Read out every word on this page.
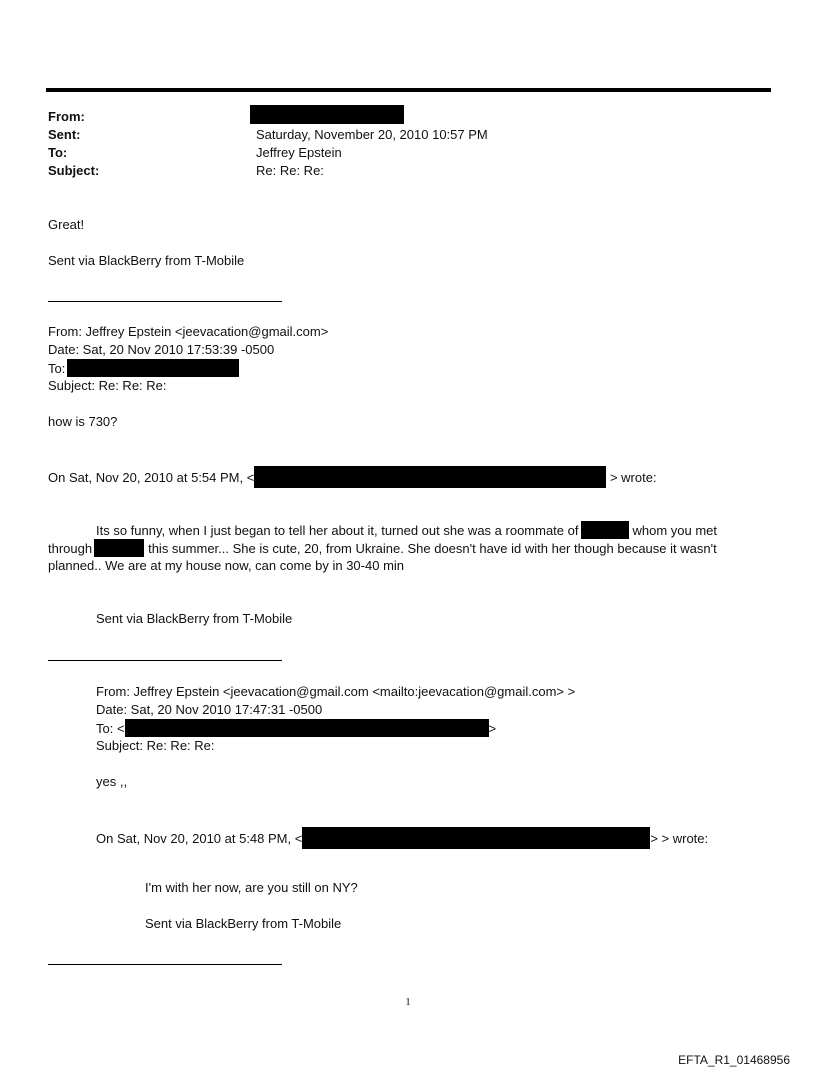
From:
Sent:	Saturday, November 20, 2010 10:57 PM
To:	Jeffrey Epstein
Subject:	Re: Re: Re:
Great!
Sent via BlackBerry from T-Mobile
From: Jeffrey Epstein <jeevacation@gmail.com>
Date: Sat, 20 Nov 2010 17:53:39 -0500
To:
Subject: Re: Re: Re:
how is 730?
On Sat, Nov 20, 2010 at 5:54 PM, <	> wrote:
Its so funny, when I just began to tell her about it, turned out she was a roommate of	whom you met
through	this summer... She is cute, 20, from Ukraine. She doesn't have id with her though because it wasn't
planned.. We are at my house now, can come by in 30-40 min
Sent via BlackBerry from T-Mobile
From: Jeffrey Epstein <jeevacation@gmail.com <mailto:jeevacation@gmail.com> >
Date: Sat, 20 Nov 2010 17:47:31 -0500
To: <	>
Subject: Re: Re: Re:
yes ,,
On Sat, Nov 20, 2010 at 5:48 PM, <	> > wrote:
I'm with her now, are you still on NY?
Sent via BlackBerry from T-Mobile
1
EFTA_R1_01468956
